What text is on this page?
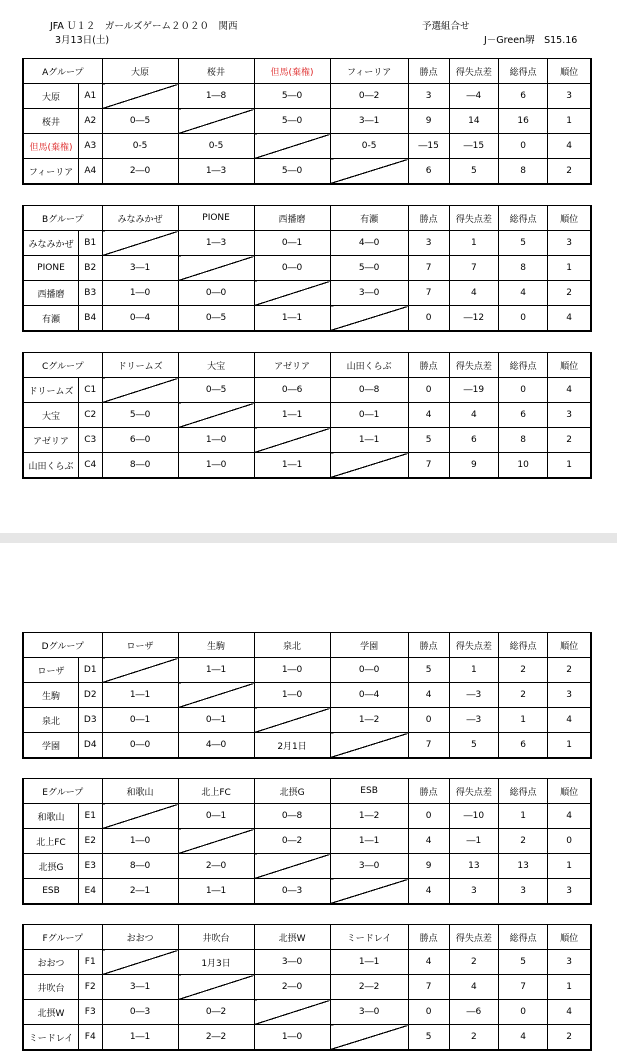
JFA Ｕ１２　ガールズゲーム２０２０　関西
3月13日(土)
予選組合せ
J－Green堺　S15.16
Aグループ		大原	桜井	但馬(棄権)	フィーリア	勝点	得失点差	総得点	順位
大原	A1		1―8	5―0	0―2	3	―4	6	3
桜井	A2	0―5		5―0	3―1	9	14	16	1
但馬(棄権)	A3	0-5	0-5		0-5	―15	―15	0	4
フィーリア	A4	2―0	1―3	5―0		6	5	8	2
Bグループ		みなみかぜ	PIONE	西播磨	有瀬	勝点	得失点差	総得点	順位
みなみかぜ	B1		1―3	0―1	4―0	3	1	5	3
PIONE	B2	3―1		0―0	5―0	7	7	8	1
西播磨	B3	1―0	0―0		3―0	7	4	4	2
有瀬	B4	0―4	0―5	1―1		0	―12	0	4
Cグループ		ドリームズ	大宝	アゼリア	山田くらぶ	勝点	得失点差	総得点	順位
ドリームズ	C1		0―5	0―6	0―8	0	―19	0	4
大宝	C2	5―0		1―1	0―1	4	4	6	3
アゼリア	C3	6―0	1―0		1―1	5	6	8	2
山田くらぶ	C4	8―0	1―0	1―1		7	9	10	1
Dグループ		ローザ	生駒	泉北	学園	勝点	得失点差	総得点	順位
ローザ	D1		1―1	1―0	0―0	5	1	2	2
生駒	D2	1―1		1―0	0―4	4	―3	2	3
泉北	D3	0―1	0―1		1―2	0	―3	1	4
学園	D4	0―0	4―0	2月1日		7	5	6	1
Eグループ		和歌山	北上FC	北摂G	ESB	勝点	得失点差	総得点	順位
和歌山	E1		0―1	0―8	1―2	0	―10	1	4
北上FC	E2	1―0		0―2	1―1	4	―1	2	0
北摂G	E3	8―0	2―0		3―0	9	13	13	1
ESB	E4	2―1	1―1	0―3		4	3	3	3
Fグループ		おおつ	井吹台	北摂W	ミードレイ	勝点	得失点差	総得点	順位
おおつ	F1		1月3日	3―0	1―1	4	2	5	3
井吹台	F2	3―1		2―0	2―2	7	4	7	1
北摂W	F3	0―3	0―2		3―0	0	―6	0	4
ミードレイ	F4	1―1	2―2	1―0		5	2	4	2
